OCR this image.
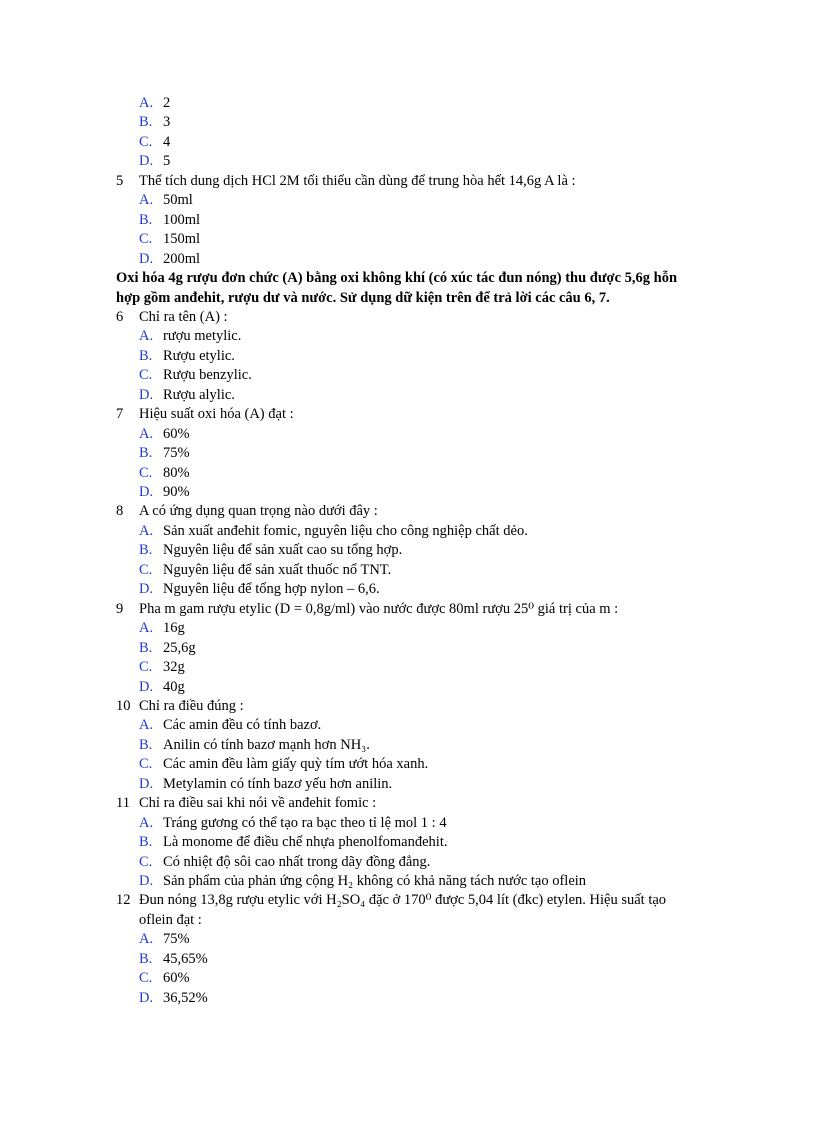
A. 2
B. 3
C. 4
D. 5
5 Thể tích dung dịch HCl 2M tối thiểu cần dùng để trung hòa hết 14,6g A là :
A. 50ml
B. 100ml
C. 150ml
D. 200ml
Oxi hóa 4g rượu đơn chức (A) bằng oxi không khí (có xúc tác đun nóng) thu được 5,6g hỗn
hợp gồm anđehit, rượu dư và nước. Sử dụng dữ kiện trên để trả lời các câu 6, 7.
6 Chỉ ra tên (A) :
A. rượu metylic.
B. Rượu etylic.
C. Rượu benzylic.
D. Rượu alylic.
7 Hiệu suất oxi hóa (A) đạt :
A. 60%
B. 75%
C. 80%
D. 90%
8 A có ứng dụng quan trọng nào dưới đây :
A. Sản xuất anđehit fomic, nguyên liệu cho công nghiệp chất dẻo.
B. Nguyên liệu để sản xuất cao su tổng hợp.
C. Nguyên liệu để sản xuất thuốc nổ TNT.
D. Nguyên liệu để tổng hợp nylon – 6,6.
9 Pha m gam rượu etylic (D = 0,8g/ml) vào nước được 80ml rượu 25⁰ giá trị của m :
A. 16g
B. 25,6g
C. 32g
D. 40g
10 Chỉ ra điều đúng :
A. Các amin đều có tính bazơ.
B. Anilin có tính bazơ mạnh hơn NH₃.
C. Các amin đều làm giấy quỳ tím ướt hóa xanh.
D. Metylamin có tính bazơ yếu hơn anilin.
11 Chỉ ra điều sai khi nói về anđehit fomic :
A. Tráng gương có thể tạo ra bạc theo tỉ lệ mol 1 : 4
B. Là monome để điều chế nhựa phenolfomanđehit.
C. Có nhiệt độ sôi cao nhất trong dãy đồng đẳng.
D. Sản phẩm của phản ứng cộng H₂ không có khả năng tách nước tạo oflein
12 Đun nóng 13,8g rượu etylic với H₂SO₄ đặc ở 170⁰ được 5,04 lít (đkc) etylen. Hiệu suất tạo
oflein đạt :
A. 75%
B. 45,65%
C. 60%
D. 36,52%
